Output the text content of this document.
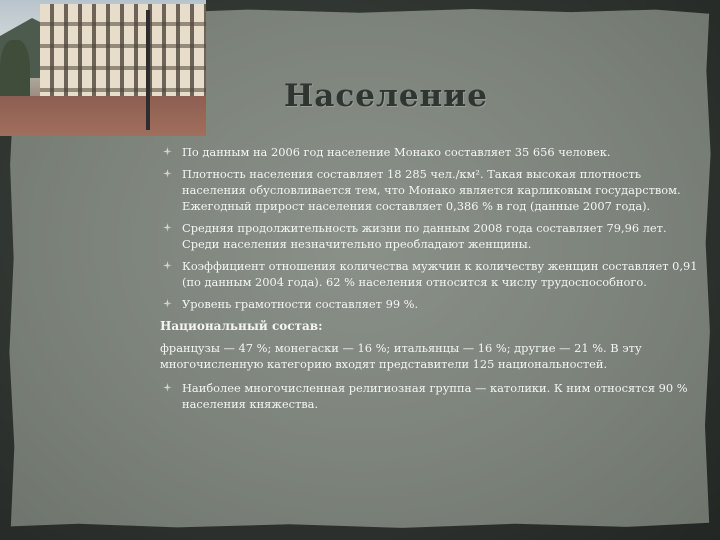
Население
По данным на 2006 год население Монако составляет 35 656 человек.
Плотность населения составляет 18 285 чел./км². Такая высокая плотность населения обусловливается тем, что Монако является карликовым государством. Ежегодный прирост населения составляет 0,386 % в год (данные 2007 года).
Средняя продолжительность жизни по данным 2008 года составляет 79,96 лет. Среди населения незначительно преобладают женщины.
Коэффициент отношения количества мужчин к количеству женщин составляет 0,91 (по данным 2004 года). 62 % населения относится к числу трудоспособного.
Уровень грамотности составляет 99 %.
Национальный состав:
французы — 47 %; монегаски — 16 %; итальянцы — 16 %; другие — 21 %. В эту многочисленную категорию входят представители 125 национальностей.
Наиболее многочисленная религиозная группа — католики. К ним относятся 90 % населения княжества.
